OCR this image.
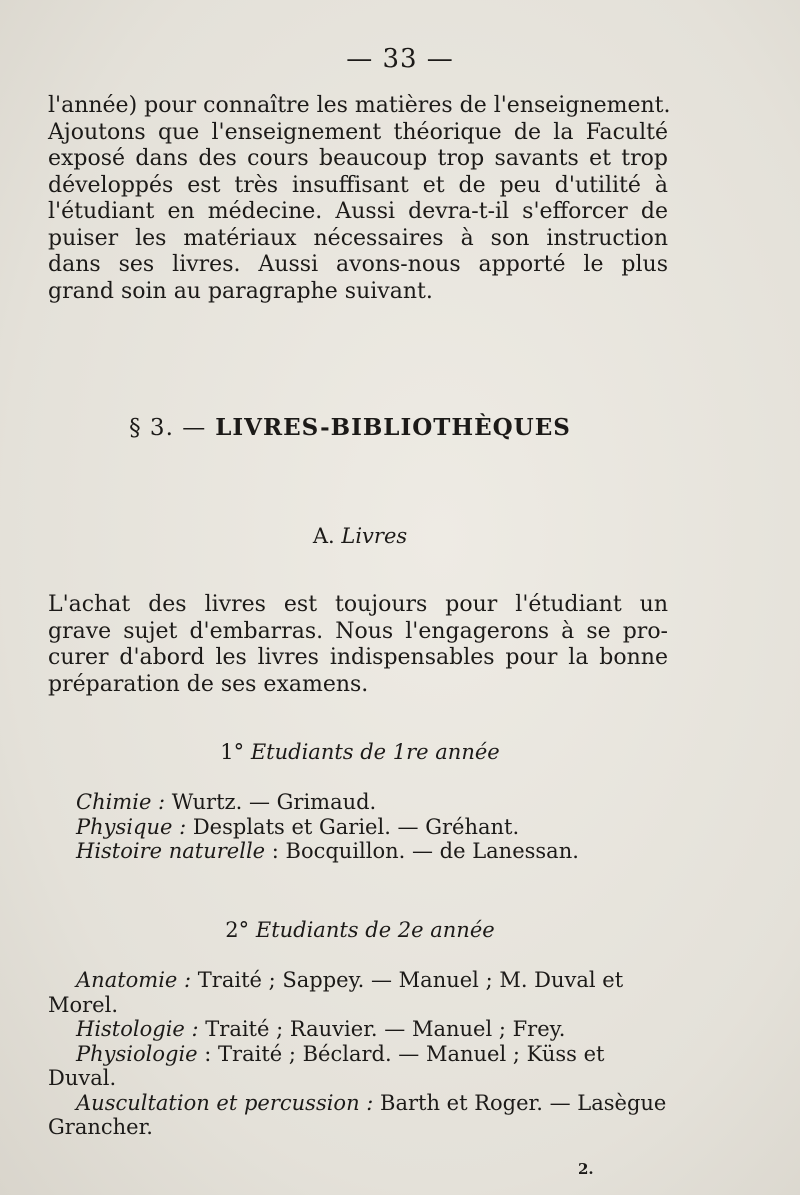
— 33 —
l'année) pour connaître les matières de l'enseignement.
Ajoutons que l'enseignement théorique de la Faculté
exposé dans des cours beaucoup trop savants et trop
développés est très insuffisant et de peu d'utilité à
l'étudiant en médecine. Aussi devra-t-il s'efforcer de
puiser les matériaux nécessaires à son instruction
dans ses livres. Aussi avons-nous apporté le plus
grand soin au paragraphe suivant.
§ 3. — LIVRES-BIBLIOTHÈQUES
A. Livres
L'achat des livres est toujours pour l'étudiant un
grave sujet d'embarras. Nous l'engagerons à se pro-
curer d'abord les livres indispensables pour la bonne
préparation de ses examens.
1° Etudiants de 1re année
Chimie : Wurtz. — Grimaud.
Physique : Desplats et Gariel. — Gréhant.
Histoire naturelle : Bocquillon. — de Lanessan.
2° Etudiants de 2e année
Anatomie : Traité ; Sappey. — Manuel ; M. Duval et Morel.
Histologie : Traité ; Rauvier. — Manuel ; Frey.
Physiologie : Traité ; Béclard. — Manuel ; Küss et Duval.
Auscultation et percussion : Barth et Roger. — Lasègue Grancher.
2.
